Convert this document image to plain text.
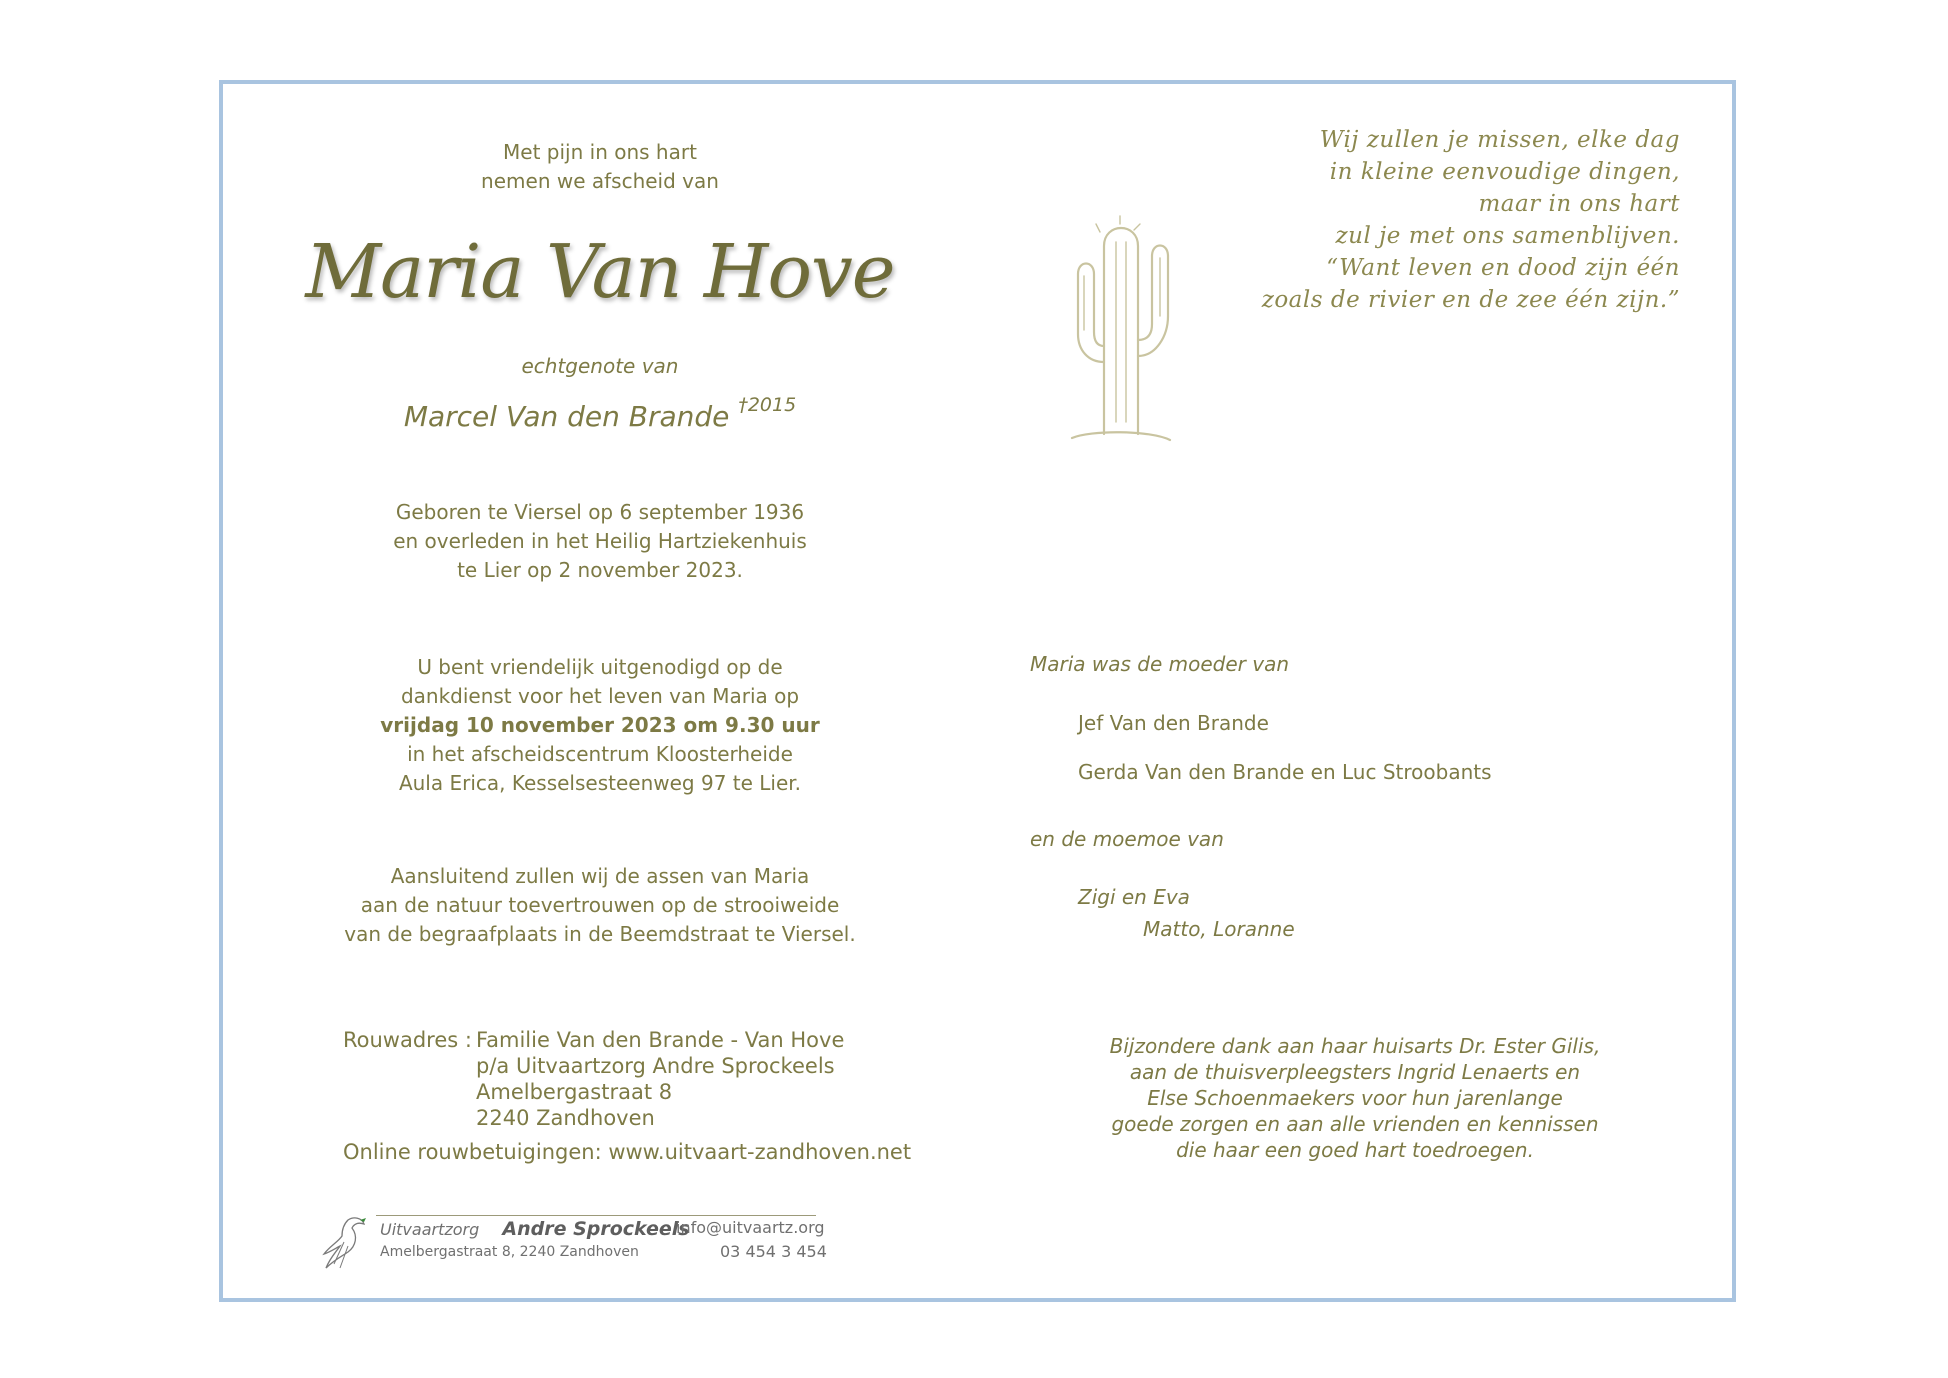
Met pijn in ons hart
nemen we afscheid van
Maria Van Hove
echtgenote van
Marcel Van den Brande $^{\dagger 2015}$
Geboren te Viersel op 6 september 1936
en overleden in het Heilig Hartziekenhuis
te Lier op 2 november 2023.
U bent vriendelijk uitgenodigd op de
dankdienst voor het leven van Maria op
vrijdag 10 november 2023 om 9.30 uur
in het afscheidscentrum Kloosterheide
Aula Erica, Kesselsesteenweg 97 te Lier.
Aansluitend zullen wij de assen van Maria
aan de natuur toevertrouwen op de strooiweide
van de begraafplaats in de Beemdstraat te Viersel.
Rouwadres : Familie Van den Brande - Van Hove
p/a Uitvaartzorg Andre Sprockeels
Amelbergastraat 8
2240 Zandhoven
Online rouwbetuigingen: www.uitvaart-zandhoven.net
Uitvaartzorg Andre Sprockeels
info@uitvaartz.org
Amelbergastraat 8, 2240 Zandhoven	03 454 3 454
Wij zullen je missen, elke dag
in kleine eenvoudige dingen,
maar in ons hart
zul je met ons samenblijven.
“Want leven en dood zijn één
zoals de rivier en de zee één zijn.”
Maria was de moeder van
Jef Van den Brande
Gerda Van den Brande en Luc Stroobants
en de moemoe van
Zigi en Eva
Matto, Loranne
Bijzondere dank aan haar huisarts Dr. Ester Gilis,
aan de thuisverpleegsters Ingrid Lenaerts en
Else Schoenmaekers voor hun jarenlange
goede zorgen en aan alle vrienden en kennissen
die haar een goed hart toedroegen.
